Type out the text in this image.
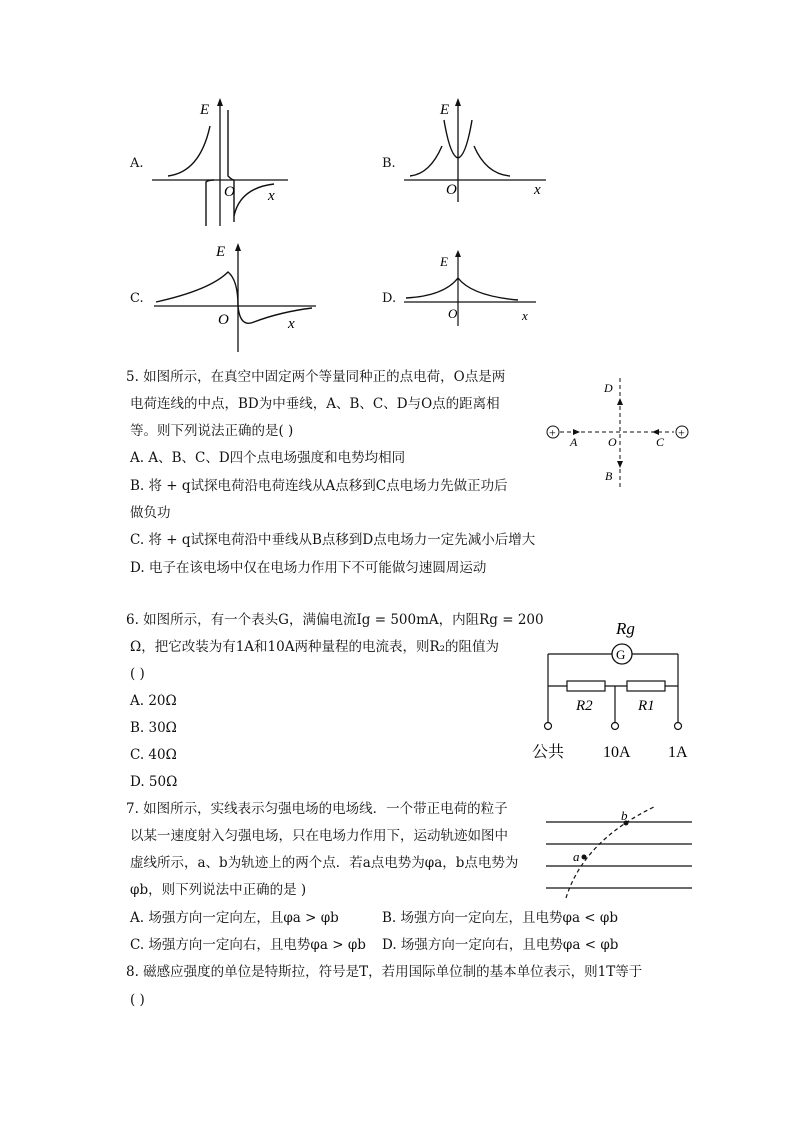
A.
E
O x
B.
E
O	x
C.
E
O	x
D.
E
O	x
5. 如图所示，在真空中固定两个等量同种正的点电荷，O点是两
电荷连线的中点，BD为中垂线，A、B、C、D与O点的距离相
等。则下列说法正确的是( )
A. A、B、C、D四个点电场强度和电势均相同
B. 将 + q试探电荷沿电荷连线从A点移到C点电场力先做正功后
做负功
C. 将 + q试探电荷沿中垂线从B点移到D点电场力一定先减小后增大
D. 电子在该电场中仅在电场力作用下不可能做匀速圆周运动
+	+
A	O	C
D
B
6. 如图所示，有一个表头G，满偏电流Ig = 500mA，内阻Rg = 200
Ω，把它改装为有1A和10A两种量程的电流表，则R₂的阻值为
( )
A. 20Ω
B. 30Ω
C. 40Ω
D. 50Ω
G
Rg
R2	R1
公共 10A 1A
7. 如图所示，实线表示匀强电场的电场线．一个带正电荷的粒子
以某一速度射入匀强电场，只在电场力作用下，运动轨迹如图中
虚线所示，a、b为轨迹上的两个点．若a点电势为φa，b点电势为
φb，则下列说法中正确的是 )
A. 场强方向一定向左，且φa > φb	B. 场强方向一定向左，且电势φa < φb
C. 场强方向一定向右，且电势φa > φb D. 场强方向一定向右，且电势φa < φb
a
b
8. 磁感应强度的单位是特斯拉，符号是T，若用国际单位制的基本单位表示，则1T等于
( )
